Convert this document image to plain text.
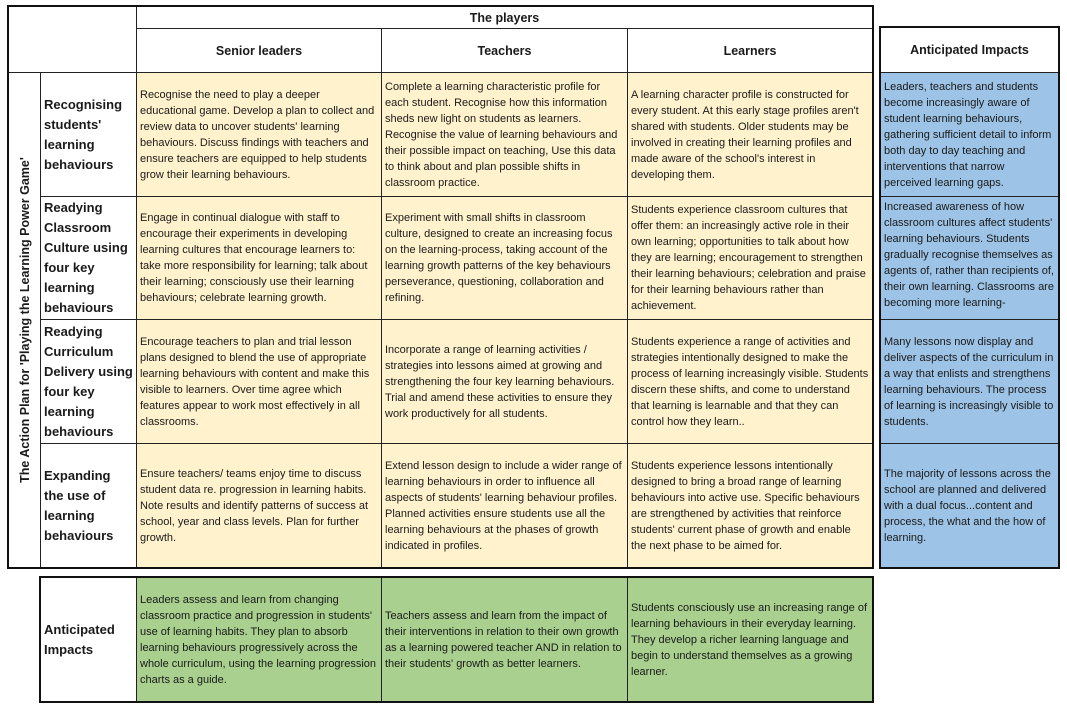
The players
Senior leaders	Teachers	Learners
The Action Plan for 'Playing the Learning Power Game'
Recognising students' learning behaviours
Recognise the need to play a deeper educational game. Develop a plan to collect and review data to uncover students' learning behaviours. Discuss findings with teachers and ensure teachers are equipped to help students grow their learning behaviours.
Complete a learning characteristic profile for each student. Recognise how this information sheds new light on students as learners. Recognise the value of learning behaviours and their possible impact on teaching, Use this data to think about and plan possible shifts in classroom practice.
A learning character profile is constructed for every student. At this early stage profiles aren't shared with students. Older students may be involved in creating their learning profiles and made aware of the school's interest in developing them.
Readying Classroom Culture using four key learning behaviours
Engage in continual dialogue with staff to encourage their experiments in developing learning cultures that encourage learners to: take more responsibility for learning; talk about their learning; consciously use their learning behaviours; celebrate learning growth.
Experiment with small shifts in classroom culture, designed to create an increasing focus on the learning-process, taking account of the learning growth patterns of the key behaviours perseverance, questioning, collaboration and refining.
Students experience classroom cultures that offer them: an increasingly active role in their own learning; opportunities to talk about how they are learning; encouragement to strengthen their learning behaviours; celebration and praise for their learning behaviours rather than achievement.
Readying Curriculum Delivery using four key learning behaviours
Encourage teachers to plan and trial lesson plans designed to blend the use of appropriate learning behaviours with content and make this visible to learners. Over time agree which features appear to work most effectively in all classrooms.
Incorporate a range of learning activities / strategies into lessons aimed at growing and strengthening the four key learning behaviours. Trial and amend these activities to ensure they work productively for all students.
Students experience a range of activities and strategies intentionally designed to make the process of learning increasingly visible. Students discern these shifts, and come to understand that learning is learnable and that they can control how they learn..
Expanding the use of learning behaviours
Ensure teachers/ teams enjoy time to discuss student data re. progression in learning habits. Note results and identify patterns of success at school, year and class levels. Plan for further growth.
Extend lesson design to include a wider range of learning behaviours in order to influence all aspects of students' learning behaviour profiles. Planned activities ensure students use all the learning behaviours at the phases of growth indicated in profiles.
Students experience lessons intentionally designed to bring a broad range of learning behaviours into active use. Specific behaviours are strengthened by activities that reinforce students' current phase of growth and enable the next phase to be aimed for.
Anticipated Impacts
Leaders, teachers and students become increasingly aware of student learning behaviours, gathering sufficient detail to inform both day to day teaching and interventions that narrow perceived learning gaps.
Increased awareness of how classroom cultures affect students' learning behaviours. Students gradually recognise themselves as agents of, rather than recipients of, their own learning. Classrooms are becoming more learning-
Many lessons now display and deliver aspects of the curriculum in a way that enlists and strengthens learning behaviours. The process of learning is increasingly visible to students.
The majority of lessons across the school are planned and delivered with a dual focus...content and process, the what and the how of learning.
Anticipated Impacts
Leaders assess and learn from changing classroom practice and progression in students' use of learning habits. They plan to absorb learning behaviours progressively across the whole curriculum, using the learning progression charts as a guide.
Teachers assess and learn from the impact of their interventions in relation to their own growth as a learning powered teacher AND in relation to their students' growth as better learners.
Students consciously use an increasing range of learning behaviours in their everyday learning. They develop a richer learning language and begin to understand themselves as a growing learner.
